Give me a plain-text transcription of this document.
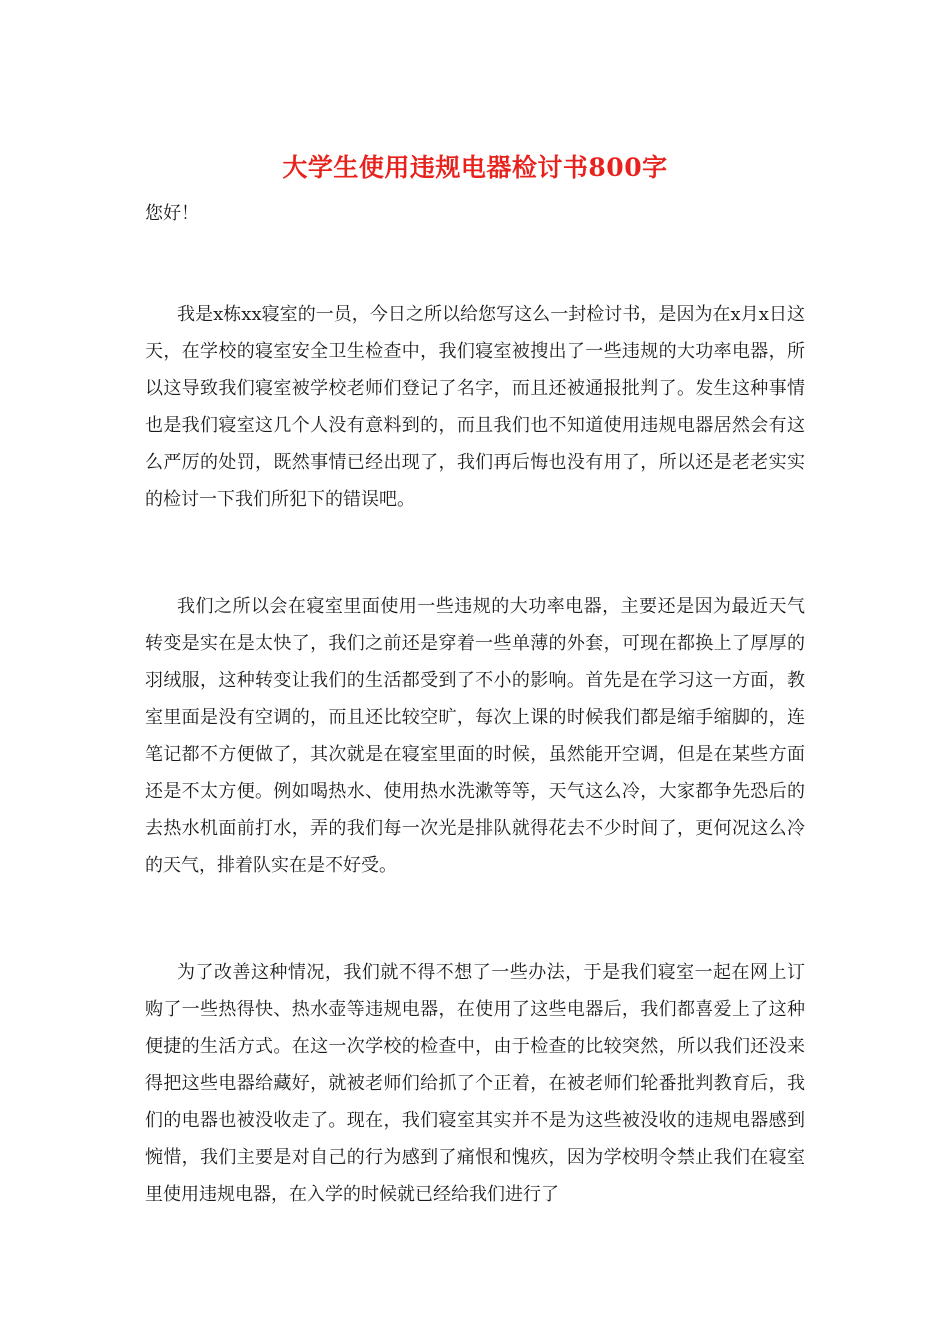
大学生使用违规电器检讨书800字

您好！

我是x栋xx寝室的一员，今日之所以给您写这么一封检讨书，是因为在x月x日这天，在学校的寝室安全卫生检查中，我们寝室被搜出了一些违规的大功率电器，所以这导致我们寝室被学校老师们登记了名字，而且还被通报批判了。发生这种事情也是我们寝室这几个人没有意料到的，而且我们也不知道使用违规电器居然会有这么严厉的处罚，既然事情已经出现了，我们再后悔也没有用了，所以还是老老实实的检讨一下我们所犯下的错误吧。

我们之所以会在寝室里面使用一些违规的大功率电器，主要还是因为最近天气转变是实在是太快了，我们之前还是穿着一些单薄的外套，可现在都换上了厚厚的羽绒服，这种转变让我们的生活都受到了不小的影响。首先是在学习这一方面，教室里面是没有空调的，而且还比较空旷，每次上课的时候我们都是缩手缩脚的，连笔记都不方便做了，其次就是在寝室里面的时候，虽然能开空调，但是在某些方面还是不太方便。例如喝热水、使用热水洗漱等等，天气这么冷，大家都争先恐后的去热水机面前打水，弄的我们每一次光是排队就得花去不少时间了，更何况这么冷的天气，排着队实在是不好受。

为了改善这种情况，我们就不得不想了一些办法，于是我们寝室一起在网上订购了一些热得快、热水壶等违规电器，在使用了这些电器后，我们都喜爱上了这种便捷的生活方式。在这一次学校的检查中，由于检查的比较突然，所以我们还没来得把这些电器给藏好，就被老师们给抓了个正着，在被老师们轮番批判教育后，我们的电器也被没收走了。现在，我们寝室其实并不是为这些被没收的违规电器感到惋惜，我们主要是对自己的行为感到了痛恨和愧疚，因为学校明令禁止我们在寝室里使用违规电器，在入学的时候就已经给我们进行了
